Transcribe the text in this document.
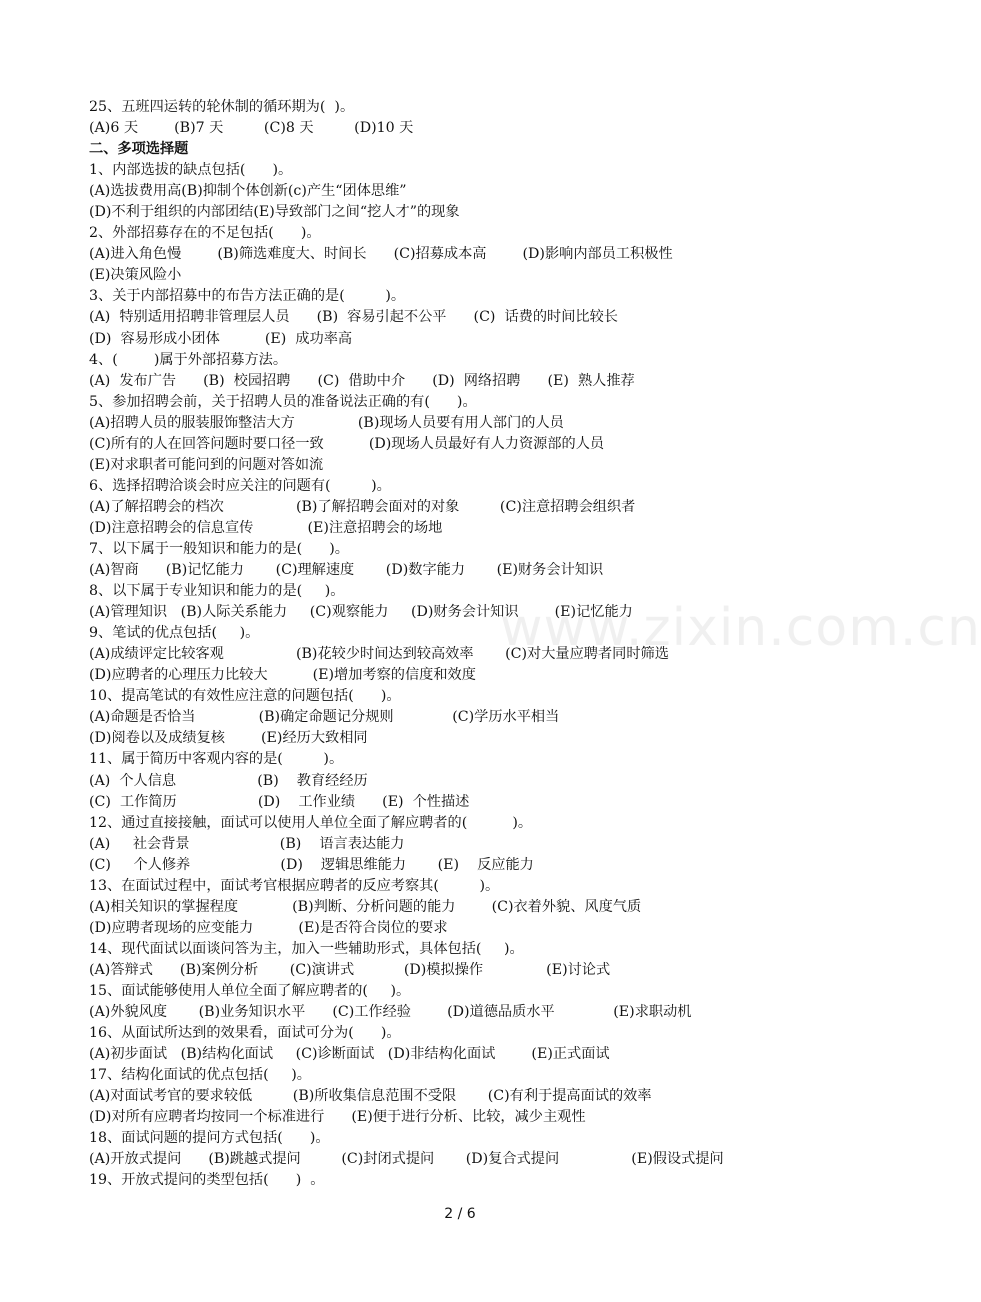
www.zixin.com.cn
25、五班四运转的轮休制的循环期为(  )。
(A)6 天        (B)7 天         (C)8 天         (D)10 天
二、多项选择题
1、内部选拔的缺点包括(      )。
(A)选拔费用高(B)抑制个体创新(c)产生“团体思维”
(D)不利于组织的内部团结(E)导致部门之间“挖人才”的现象
2、外部招募存在的不足包括(      )。
(A)进入角色慢        (B)筛选难度大、时间长      (C)招募成本高        (D)影响内部员工积极性
(E)决策风险小
3、关于内部招募中的布告方法正确的是(         )。
(A)  特别适用招聘非管理层人员      (B)  容易引起不公平      (C)  话费的时间比较长
(D)  容易形成小团体          (E)  成功率高
4、(        )属于外部招募方法。
(A)  发布广告      (B)  校园招聘      (C)  借助中介      (D)  网络招聘      (E)  熟人推荐
5、参加招聘会前，关于招聘人员的准备说法正确的有(      )。
(A)招聘人员的服装服饰整洁大方              (B)现场人员要有用人部门的人员
(C)所有的人在回答问题时要口径一致          (D)现场人员最好有人力资源部的人员
(E)对求职者可能问到的问题对答如流
6、选择招聘洽谈会时应关注的问题有(         )。
(A)了解招聘会的档次                (B)了解招聘会面对的对象         (C)注意招聘会组织者
(D)注意招聘会的信息宣传            (E)注意招聘会的场地
7、以下属于一般知识和能力的是(      )。
(A)智商      (B)记忆能力       (C)理解速度       (D)数字能力       (E)财务会计知识
8、以下属于专业知识和能力的是(     )。
(A)管理知识   (B)人际关系能力     (C)观察能力     (D)财务会计知识        (E)记忆能力
9、笔试的优点包括(     )。
(A)成绩评定比较客观                (B)花较少时间达到较高效率       (C)对大量应聘者同时筛选
(D)应聘者的心理压力比较大          (E)增加考察的信度和效度
10、提高笔试的有效性应注意的问题包括(      )。
(A)命题是否恰当              (B)确定命题记分规则             (C)学历水平相当
(D)阅卷以及成绩复核        (E)经历大致相同
11、属于简历中客观内容的是(         )。
(A)  个人信息                  (B)    教育经经历
(C)  工作简历                  (D)    工作业绩      (E)  个性描述
12、通过直接接触，面试可以使用人单位全面了解应聘者的(          )。
(A)     社会背景                    (B)    语言表达能力
(C)     个人修养                    (D)    逻辑思维能力       (E)    反应能力
13、在面试过程中，面试考官根据应聘者的反应考察其(         )。
(A)相关知识的掌握程度            (B)判断、分析问题的能力        (C)衣着外貌、风度气质
(D)应聘者现场的应变能力          (E)是否符合岗位的要求
14、现代面试以面谈问答为主，加入一些辅助形式，具体包括(     )。
(A)答辩式      (B)案例分析       (C)演讲式           (D)模拟操作              (E)讨论式
15、面试能够使用人单位全面了解应聘者的(     )。
(A)外貌风度       (B)业务知识水平      (C)工作经验        (D)道德品质水平             (E)求职动机
16、从面试所达到的效果看，面试可分为(      )。
(A)初步面试   (B)结构化面试     (C)诊断面试   (D)非结构化面试        (E)正式面试
17、结构化面试的优点包括(     )。
(A)对面试考官的要求较低         (B)所收集信息范围不受限       (C)有利于提高面试的效率
(D)对所有应聘者均按同一个标准进行      (E)便于进行分析、比较，减少主观性
18、面试问题的提问方式包括(      )。
(A)开放式提问      (B)跳越式提问         (C)封闭式提问       (D)复合式提问                (E)假设式提问
19、开放式提问的类型包括(      )  。
2 / 6
